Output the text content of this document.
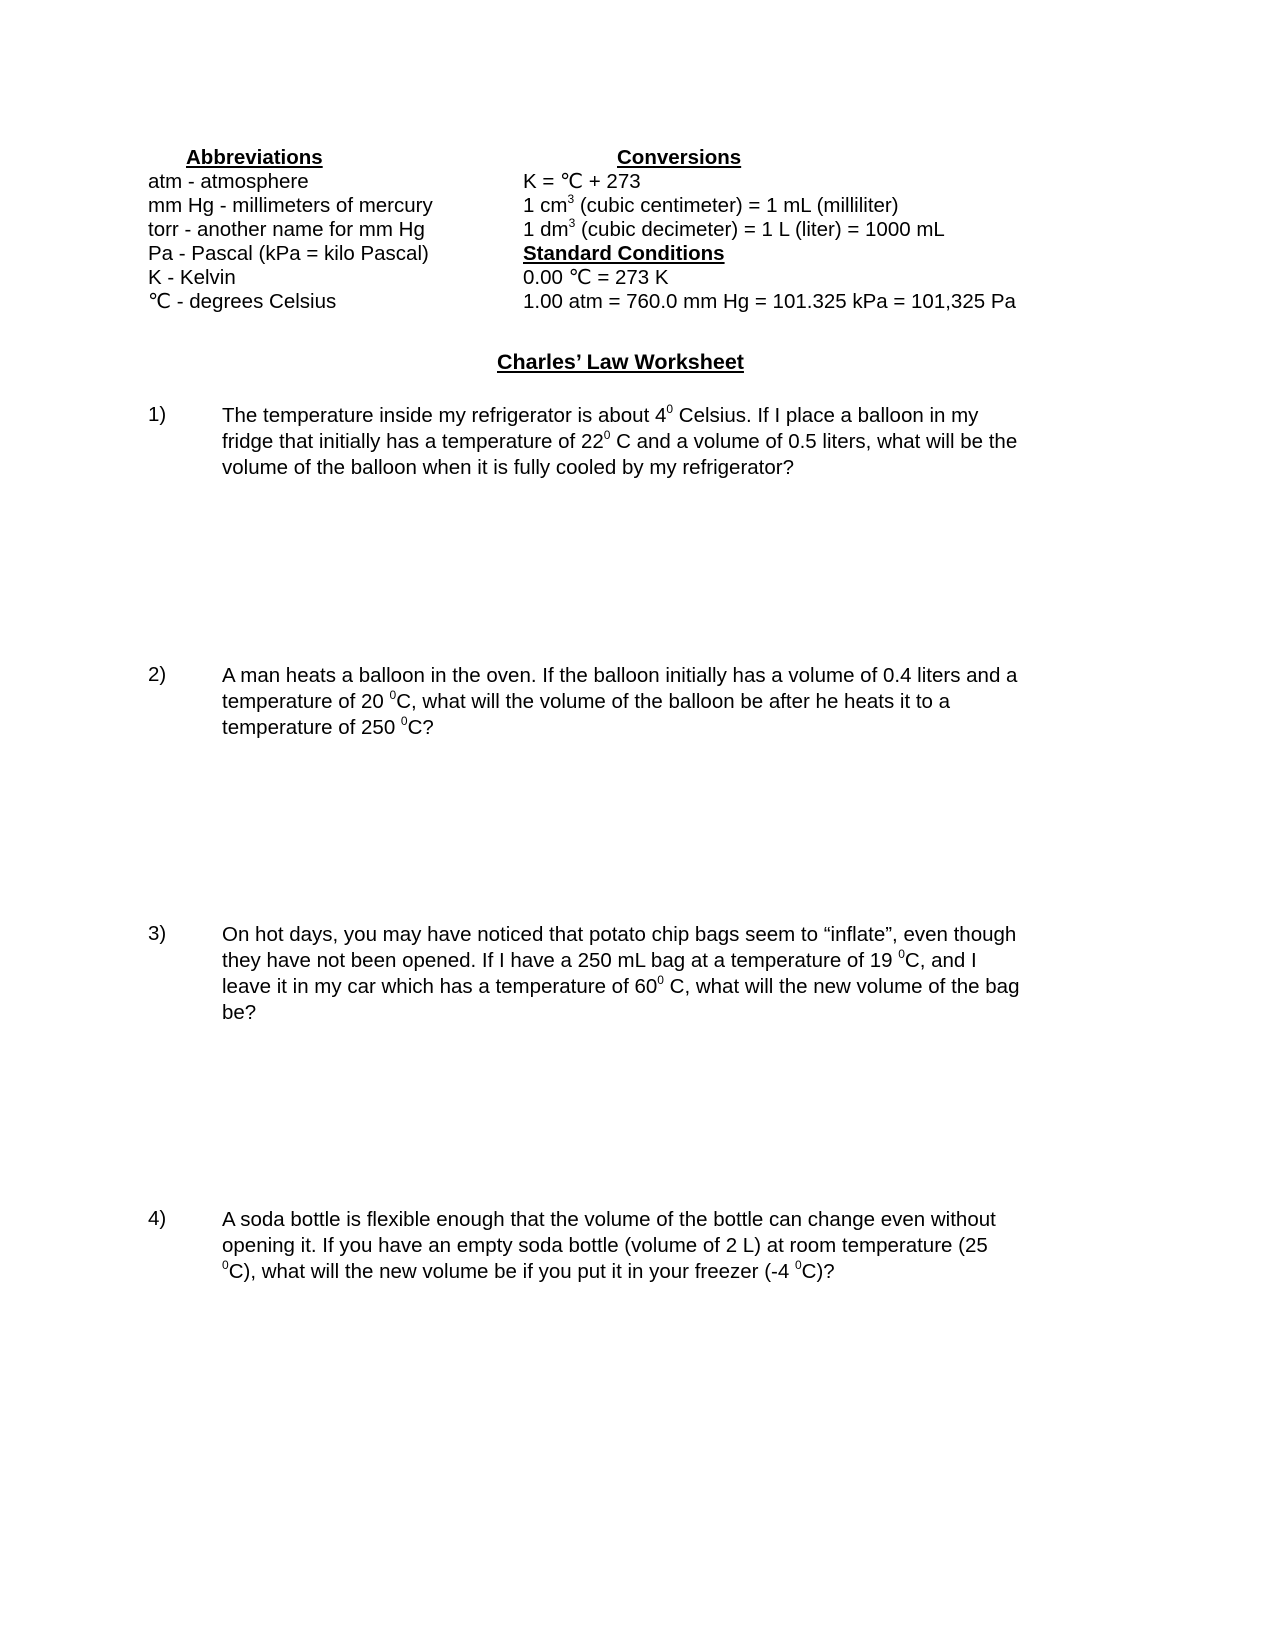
Abbreviations
atm - atmosphere
mm Hg - millimeters of mercury
torr - another name for mm Hg
Pa - Pascal (kPa = kilo Pascal)
K - Kelvin
℃ - degrees Celsius
Conversions
K = ℃ + 273
1 $cm^3$ (cubic centimeter) = 1 mL (milliliter)
1 $dm^3$ (cubic decimeter) = 1 L (liter) = 1000 mL
Standard Conditions
0.00 ℃ = 273 K
1.00 atm = 760.0 mm Hg = 101.325 kPa = 101,325 Pa
Charles’ Law Worksheet
1)	The temperature inside my refrigerator is about $4^0$ Celsius. If I place a balloon in my
fridge that initially has a temperature of $22^0$ C and a volume of 0.5 liters, what will be the
volume of the balloon when it is fully cooled by my refrigerator?
2)	A man heats a balloon in the oven. If the balloon initially has a volume of 0.4 liters and a
temperature of 20 $^0$C, what will the volume of the balloon be after he heats it to a
temperature of 250 $^0$C?
3)	On hot days, you may have noticed that potato chip bags seem to “inflate”, even though
they have not been opened. If I have a 250 mL bag at a temperature of 19 $^0$C, and I
leave it in my car which has a temperature of $60^0$ C, what will the new volume of the bag
be?
4)	A soda bottle is flexible enough that the volume of the bottle can change even without
opening it. If you have an empty soda bottle (volume of 2 L) at room temperature (25
$^0$C), what will the new volume be if you put it in your freezer (-4 $^0$C)?
